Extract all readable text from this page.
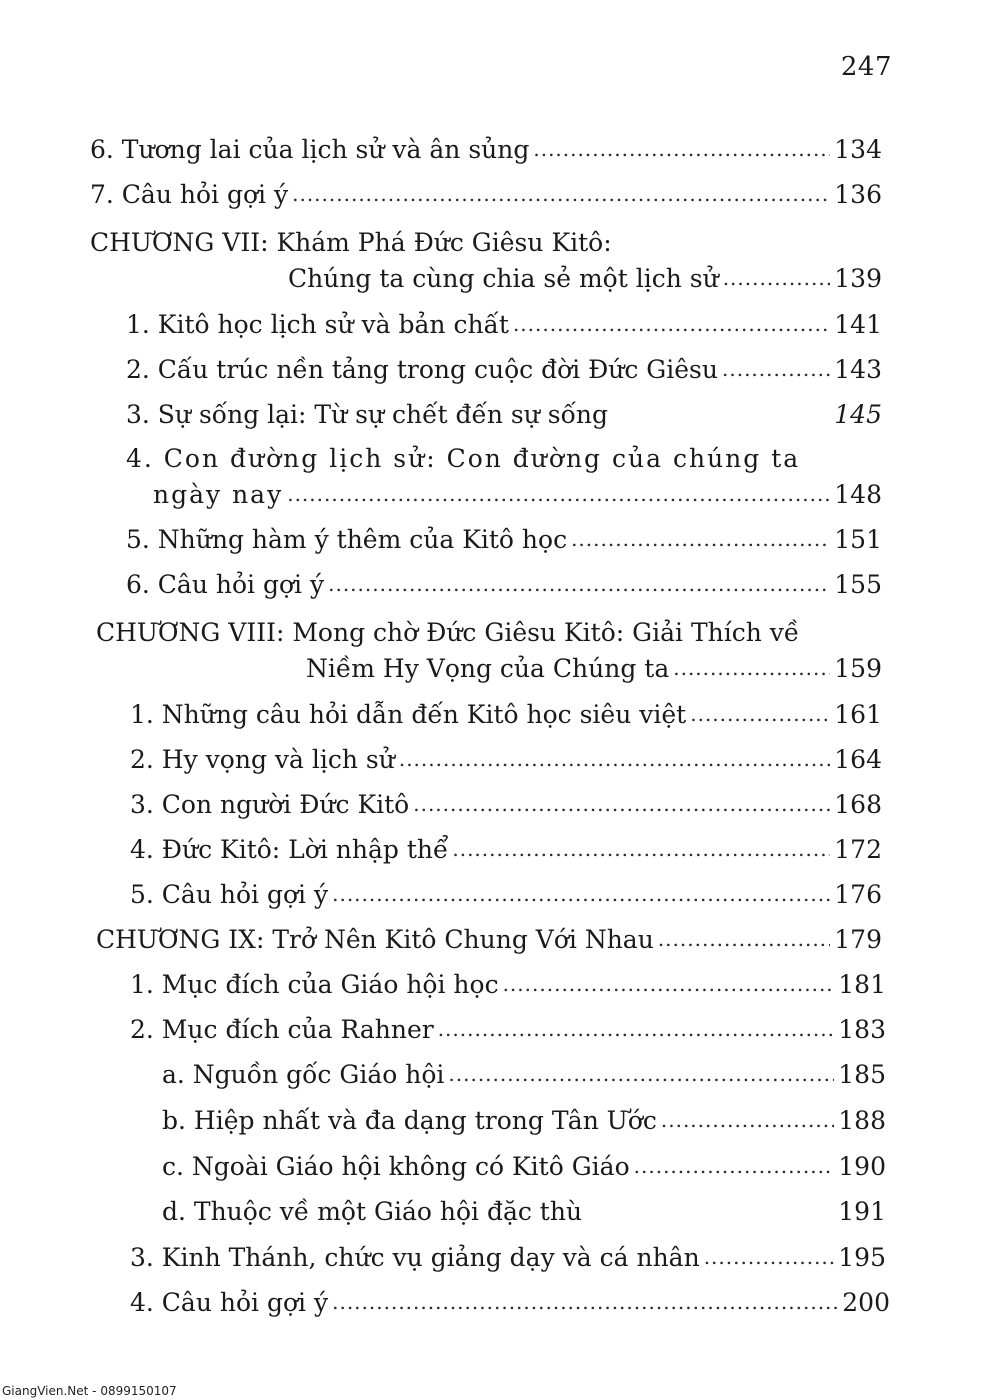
247
6. Tương lai của lịch sử và ân sủng .....	134
7. Câu hỏi gợi ý .....	136
CHƯƠNG VII: Khám Phá Đức Giêsu Kitô:
Chúng ta cùng chia sẻ một lịch sử .....	139
1. Kitô học lịch sử và bản chất .....	141
2. Cấu trúc nền tảng trong cuộc đời Đức Giêsu .....	143
3. Sự sống lại: Từ sự chết đến sự sống	145
4. Con đường lịch sử: Con đường của chúng ta
ngày nay .....	148
5. Những hàm ý thêm của Kitô học .....	151
6. Câu hỏi gợi ý .....	155
CHƯƠNG VIII: Mong chờ Đức Giêsu Kitô: Giải Thích về
Niềm Hy Vọng của Chúng ta .....	159
1. Những câu hỏi dẫn đến Kitô học siêu việt .....	161
2. Hy vọng và lịch sử .....	164
3. Con người Đức Kitô .....	168
4. Đức Kitô: Lời nhập thể .....	172
5. Câu hỏi gợi ý .....	176
CHƯƠNG IX: Trở Nên Kitô Chung Với Nhau .....	179
1. Mục đích của Giáo hội học .....	181
2. Mục đích của Rahner .....	183
a. Nguồn gốc Giáo hội .....	185
b. Hiệp nhất và đa dạng trong Tân Ước .....	188
c. Ngoài Giáo hội không có Kitô Giáo .....	190
d. Thuộc về một Giáo hội đặc thù	191
3. Kinh Thánh, chức vụ giảng dạy và cá nhân .....	195
4. Câu hỏi gợi ý .....	200
GiangVien.Net - 0899150107
